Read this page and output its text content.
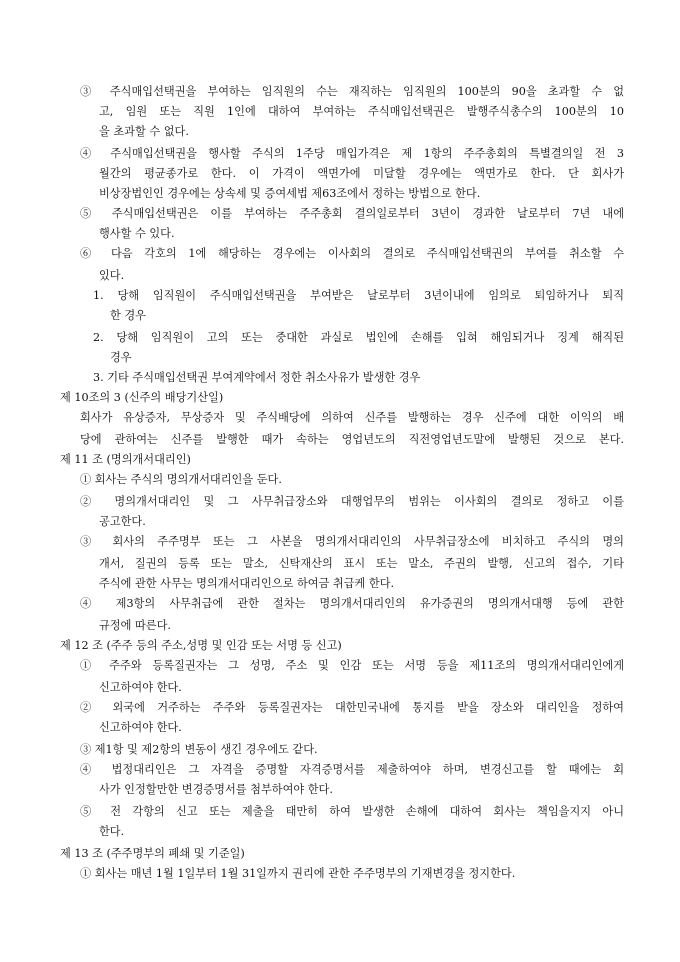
③ 주식매입선택권을 부여하는 임직원의 수는 재직하는 임직원의 100분의 90을 초과할 수 없
고, 임원 또는 직원 1인에 대하여 부여하는 주식매입선택권은 발행주식총수의 100분의 10
을 초과할 수 없다.
④ 주식매입선택권을 행사할 주식의 1주당 매입가격은 제 1항의 주주총회의 특별결의일 전 3
월간의 평균종가로 한다. 이 가격이 액면가에 미달할 경우에는 액면가로 한다. 단 회사가
비상장법인인 경우에는 상속세 및 증여세법 제63조에서 정하는 방법으로 한다.
⑤ 주식매입선택권은 이를 부여하는 주주총회 결의일로부터 3년이 경과한 날로부터 7년 내에
행사할 수 있다.
⑥ 다음 각호의 1에 해당하는 경우에는 이사회의 결의로 주식매입선택권의 부여를 취소할 수
있다.
1. 당해 임직원이 주식매입선택권을 부여받은 날로부터 3년이내에 임의로 퇴임하거나 퇴직
한 경우
2. 당해 임직원이 고의 또는 중대한 과실로 법인에 손해를 입혀 해임되거나 징계 해직된
경우
3. 기타 주식매입선택권 부여계약에서 정한 취소사유가 발생한 경우
제 10조의 3 (신주의 배당기산일)
회사가 유상증자, 무상증자 및 주식배당에 의하여 신주를 발행하는 경우 신주에 대한 이익의 배
당에 관하여는 신주를 발행한 때가 속하는 영업년도의 직전영업년도말에 발행된 것으로 본다.
제 11 조 (명의개서대리인)
① 회사는 주식의 명의개서대리인을 둔다.
② 명의개서대리인 및 그 사무취급장소와 대행업무의 범위는 이사회의 결의로 정하고 이를
공고한다.
③ 회사의 주주명부 또는 그 사본을 명의개서대리인의 사무취급장소에 비치하고 주식의 명의
개서, 질권의 등록 또는 말소, 신탁재산의 표시 또는 말소, 주권의 발행, 신고의 접수, 기타
주식에 관한 사무는 명의개서대리인으로 하여금 취급케 한다.
④ 제3항의 사무취급에 관한 절차는 명의개서대리인의 유가증권의 명의개서대행 등에 관한
규정에 따른다.
제 12 조 (주주 등의 주소,성명 및 인감 또는 서명 등 신고)
① 주주와 등록질권자는 그 성명, 주소 및 인감 또는 서명 등을 제11조의 명의개서대리인에게
신고하여야 한다.
② 외국에 거주하는 주주와 등록질권자는 대한민국내에 통지를 받을 장소와 대리인을 정하여
신고하여야 한다.
③ 제1항 및 제2항의 변동이 생긴 경우에도 같다.
④ 법정대리인은 그 자격을 증명할 자격증명서를 제출하여야 하며, 변경신고를 할 때에는 회
사가 인정할만한 변경증명서를 첨부하여야 한다.
⑤ 전 각항의 신고 또는 제출을 태만히 하여 발생한 손해에 대하여 회사는 책임을지지 아니
한다.
제 13 조 (주주명부의 폐쇄 및 기준일)
① 회사는 매년 1월 1일부터 1월 31일까지 권리에 관한 주주명부의 기재변경을 정지한다.
